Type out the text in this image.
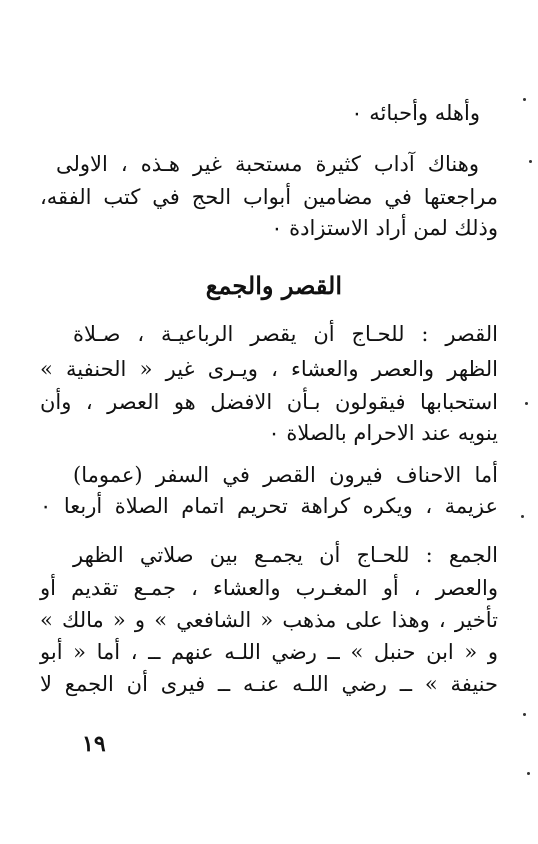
وأهله وأحبائه ٠
وهناك آداب كثيرة مستحبة غير هـذه ، الاولى
مراجعتها في مضامين أبواب الحج في كتب الفقه،
وذلك لمن أراد الاستزادة ٠
القصر والجمع
القصر : للحـاج أن يقصر الرباعيـة ، صـلاة
الظهر والعصر والعشاء ، ويـرى غير « الحنفية »
استحبابها فيقولون بـأن الافضل هو العصر ، وأن
ينويه عند الاحرام بالصلاة ٠
أما الاحناف فيرون القصر في السفر (عموما)
عزيمة ، ويكره كراهة تحريم اتمام الصلاة أربعا ٠
الجمع : للحـاج أن يجمـع بين صلاتي الظهر
والعصر ، أو المغـرب والعشاء ، جمـع تقديم أو
تأخير ، وهذا على مذهب « الشافعي » و « مالك »
و « ابن حنبل » ــ رضي اللـه عنهم ــ ، أما « أبو
حنيفة » ــ رضي اللـه عنـه ــ فيرى أن الجمع لا
١٩
